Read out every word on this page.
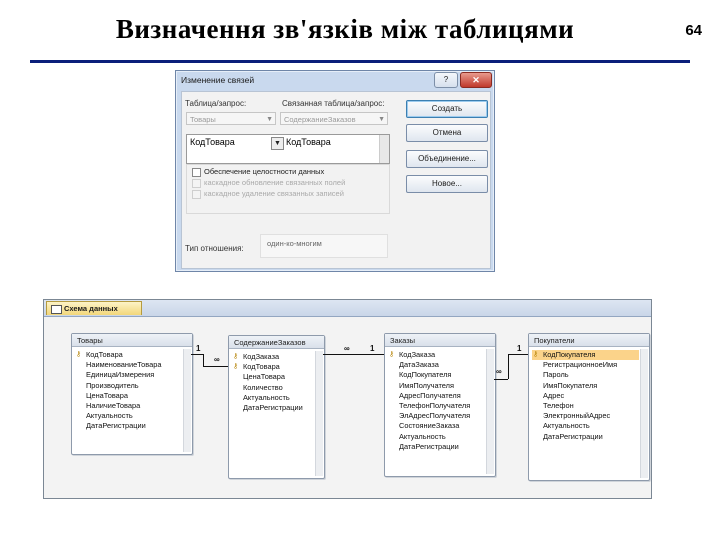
Визначення зв'язків між таблицями	64
Изменение связей	?	✕
Таблица/запрос:	Связанная таблица/запрос:
Товары	▼	СодержаниеЗаказов	▼
КодТовара	▼ КодТовара
Обеспечение целостности данных
каскадное обновление связанных полей
каскадное удаление связанных записей
Тип отношения:
один-ко-многим
Создать
Отмена
Объединение...
Новое...
Схема данных
Товары
⚷ КодТовара
НаименованиеТовара
ЕдиницаИзмерения
Производитель
ЦенаТовара
НаличиеТовара
Актуальность
ДатаРегистрации
СодержаниеЗаказов
⚷ КодЗаказа
⚷ КодТовара
ЦенаТовара
Количество
Актуальность
ДатаРегистрации
Заказы
⚷ КодЗаказа
ДатаЗаказа
КодПокупателя
ИмяПолучателя
АдресПолучателя
ТелефонПолучателя
ЭлАдресПолучателя
СостояниеЗаказа
Актуальность
ДатаРегистрации
Покупатели
⚷ КодПокупателя
РегистрационноеИмя
Пароль
ИмяПокупателя
Адрес
Телефон
ЭлектронныйАдрес
Актуальность
ДатаРегистрации
1
∞
∞	1
∞
1
